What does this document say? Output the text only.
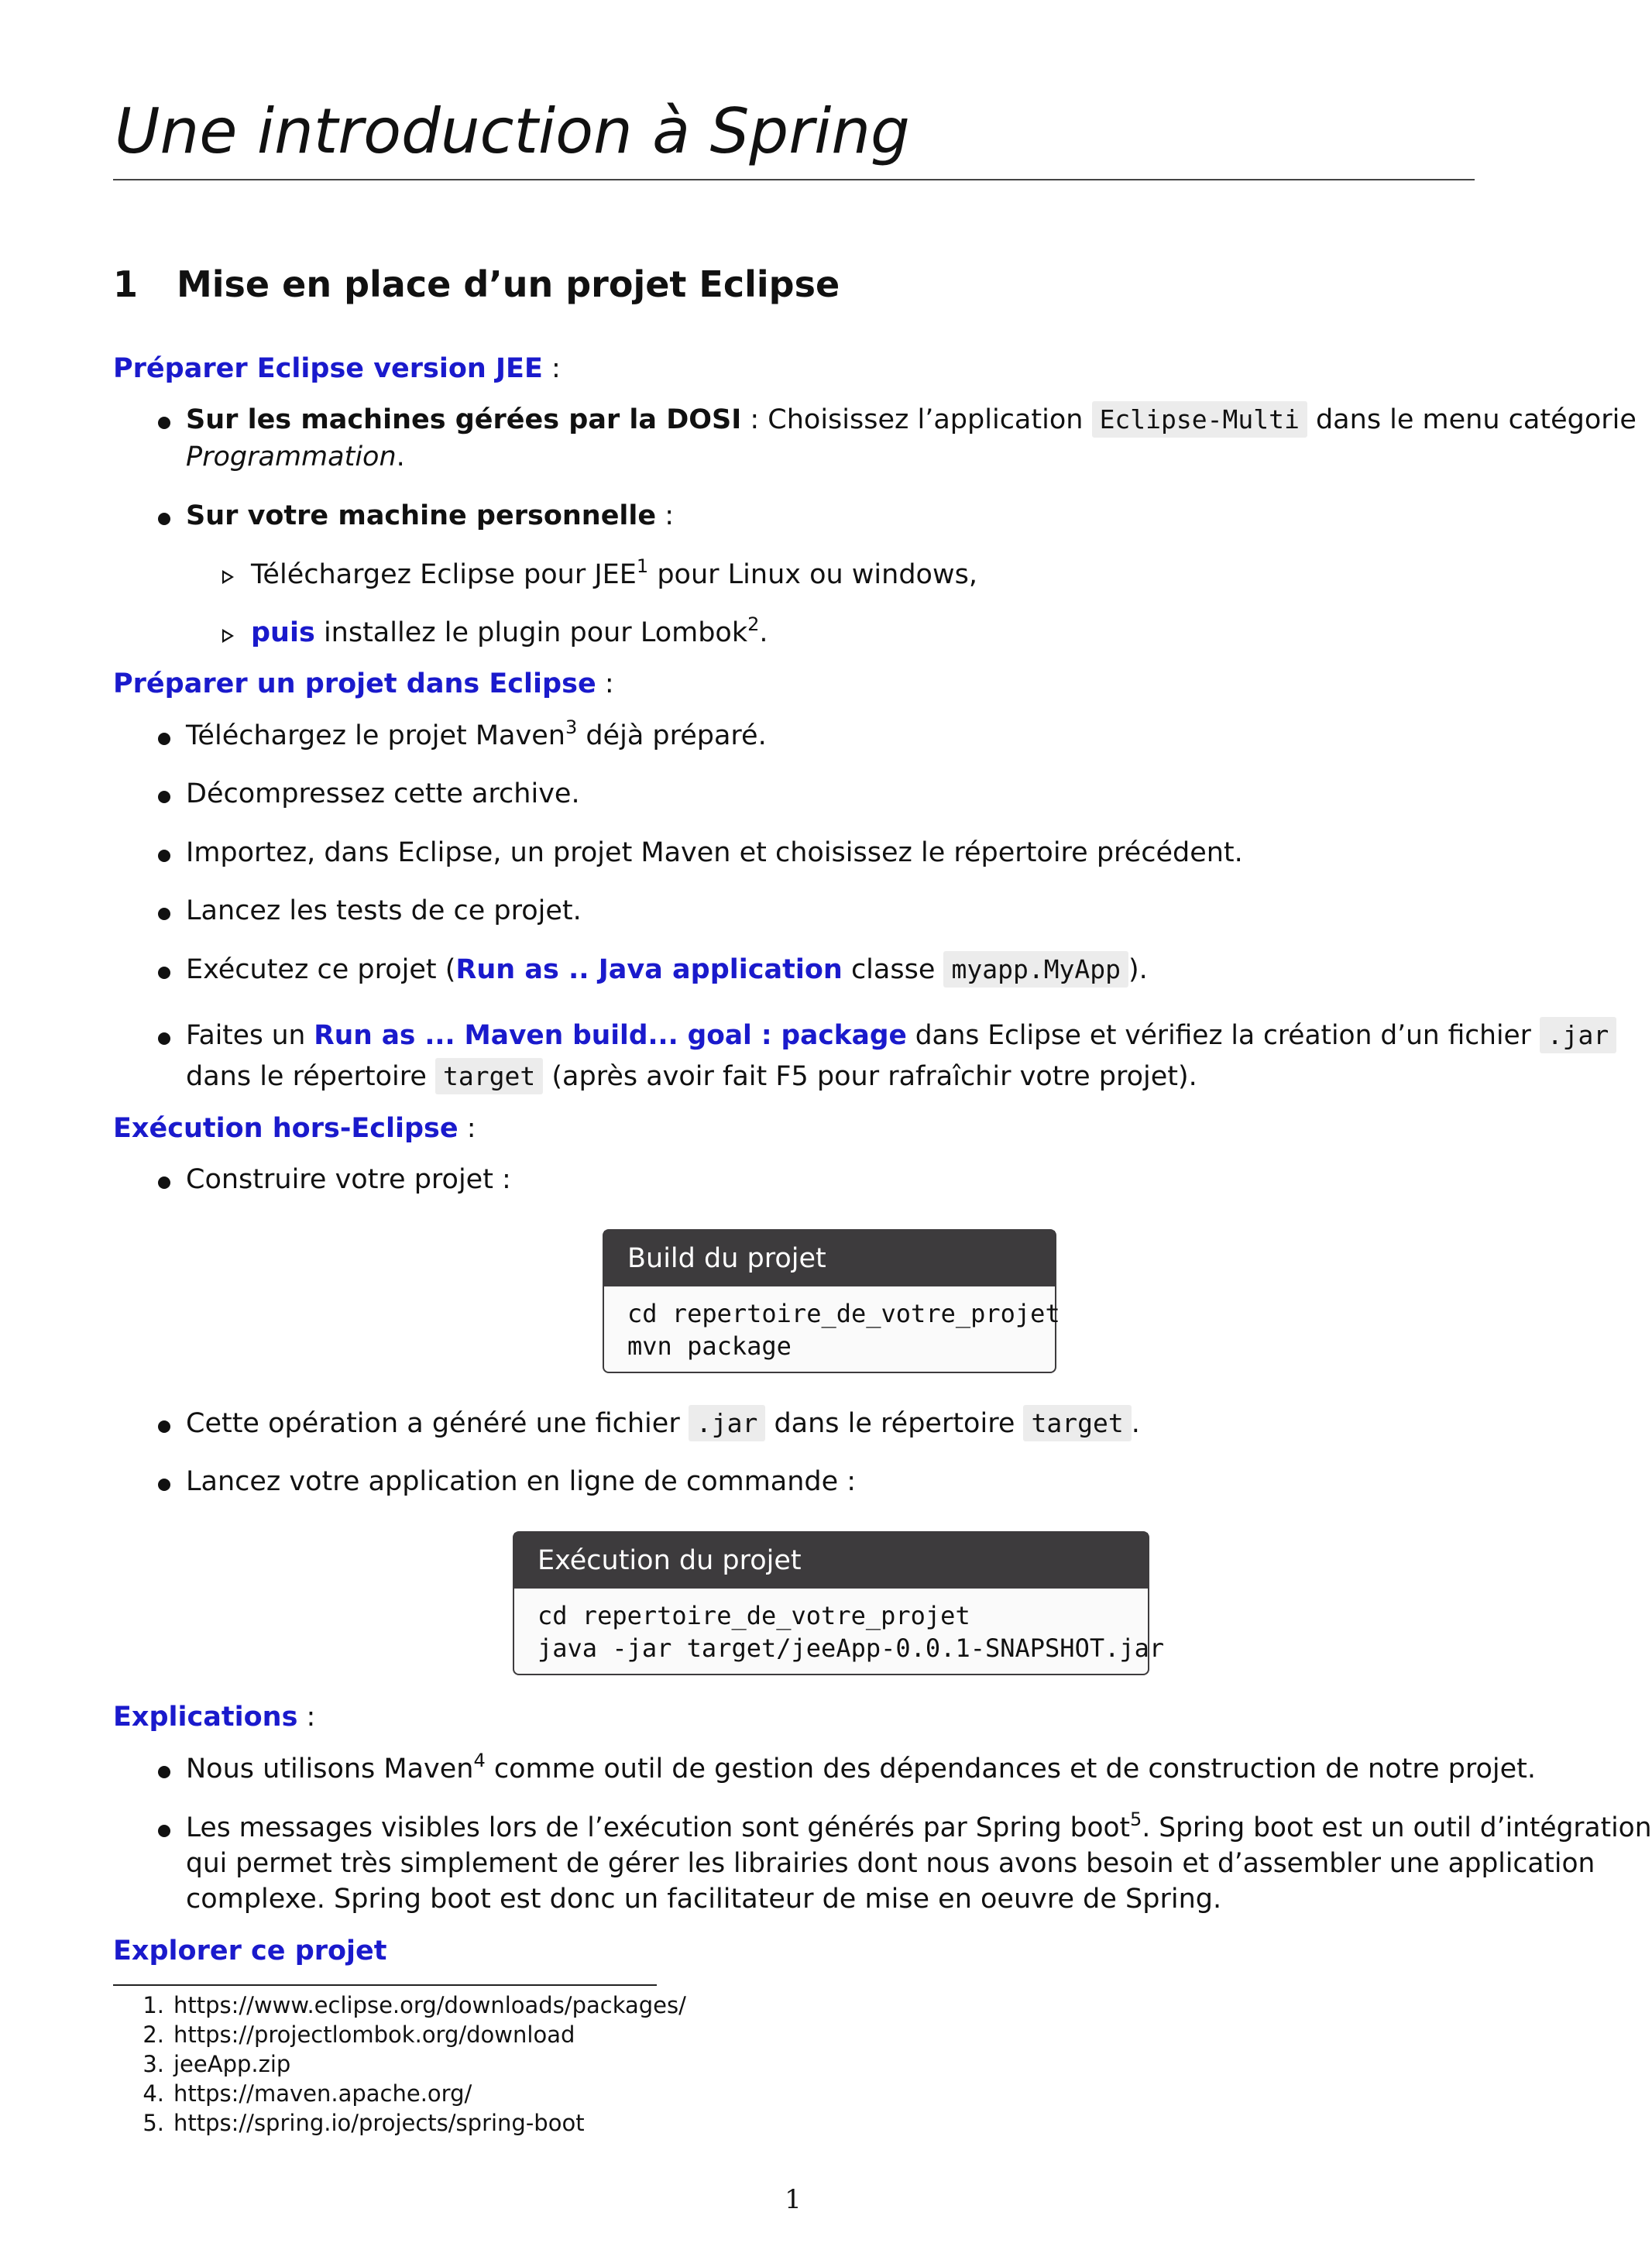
Une introduction à Spring
1 Mise en place d’un projet Eclipse
Préparer Eclipse version JEE :
Sur les machines gérées par la DOSI : Choisissez l’application Eclipse-Multi dans le menu catégorie
Programmation.
Sur votre machine personnelle :
Téléchargez Eclipse pour JEE$^1$ pour Linux ou windows,
puis installez le plugin pour Lombok$^2$.
Préparer un projet dans Eclipse :
Téléchargez le projet Maven$^3$ déjà préparé.
Décompressez cette archive.
Importez, dans Eclipse, un projet Maven et choisissez le répertoire précédent.
Lancez les tests de ce projet.
Exécutez ce projet (Run as .. Java application classe myapp.MyApp ).
Faites un Run as ... Maven build... goal : package dans Eclipse et vérifiez la création d’un fichier .jar
dans le répertoire target (après avoir fait F5 pour rafraîchir votre projet).
Exécution hors-Eclipse :
Construire votre projet :
Build du projet
cd repertoire_de_votre_projet
mvn package
Cette opération a généré une fichier .jar dans le répertoire target .
Lancez votre application en ligne de commande :
Exécution du projet
cd repertoire_de_votre_projet
java -jar target/jeeApp-0.0.1-SNAPSHOT.jar
Explications :
Nous utilisons Maven$^4$ comme outil de gestion des dépendances et de construction de notre projet.
Les messages visibles lors de l’exécution sont générés par Spring boot$^5$. Spring boot est un outil d’intégration
qui permet très simplement de gérer les librairies dont nous avons besoin et d’assembler une application
complexe. Spring boot est donc un facilitateur de mise en oeuvre de Spring.
Explorer ce projet
1. https://www.eclipse.org/downloads/packages/
2. https://projectlombok.org/download
3. jeeApp.zip
4. https://maven.apache.org/
5. https://spring.io/projects/spring-boot
1
